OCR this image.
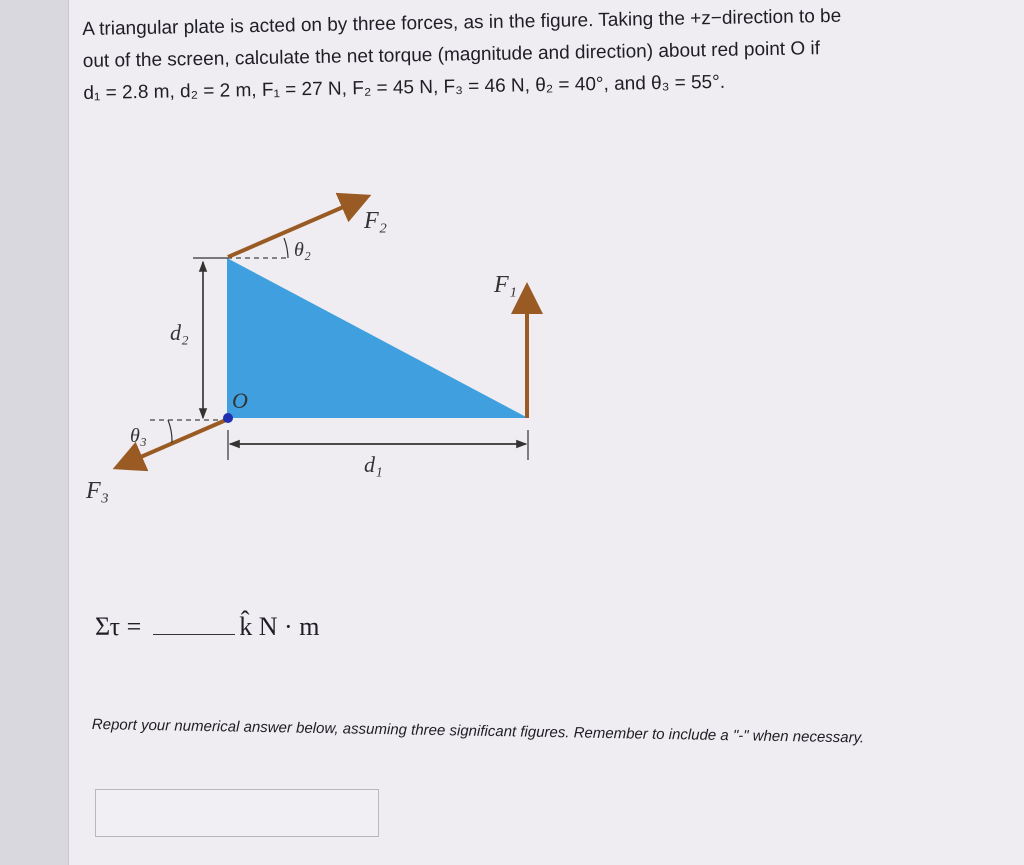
A triangular plate is acted on by three forces, as in the figure. Taking the +z−direction to be
out of the screen, calculate the net torque (magnitude and direction) about red point O if
d₁ = 2.8 m, d₂ = 2 m, F₁ = 27 N, F₂ = 45 N, F₃ = 46 N, θ₂ = 40°, and θ₃ = 55°.
d₂
d₁
F₂
θ₂
F₁
F₃
θ₃
O
Στ =	k̂ N · m
Report your numerical answer below, assuming three significant figures. Remember to include a "-" when necessary.
